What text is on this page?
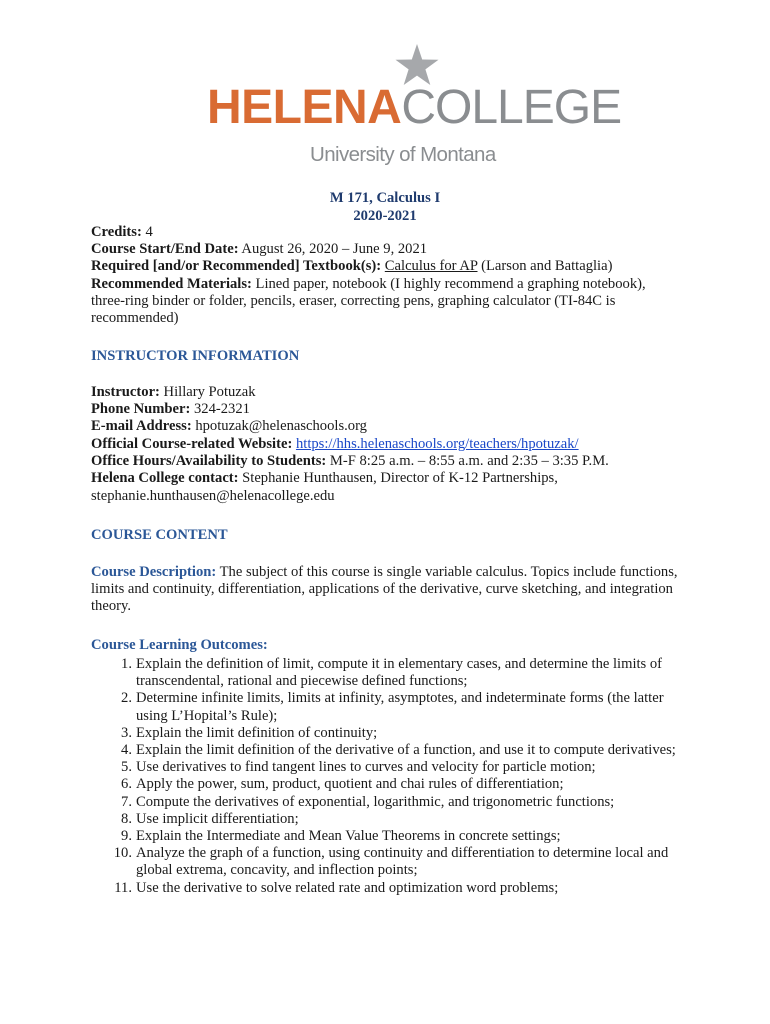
HELENACOLLEGE
University of Montana
M 171, Calculus I
2020-2021
Credits: 4
Course Start/End Date: August 26, 2020 – June 9, 2021
Required [and/or Recommended] Textbook(s): Calculus for AP (Larson and Battaglia)
Recommended Materials: Lined paper, notebook (I highly recommend a graphing notebook), three-ring binder or folder, pencils, eraser, correcting pens, graphing calculator (TI-84C is recommended)
INSTRUCTOR INFORMATION
Instructor: Hillary Potuzak
Phone Number: 324-2321
E-mail Address: hpotuzak@helenaschools.org
Official Course-related Website: https://hhs.helenaschools.org/teachers/hpotuzak/
Office Hours/Availability to Students: M-F 8:25 a.m. – 8:55 a.m. and 2:35 – 3:35 P.M.
Helena College contact: Stephanie Hunthausen, Director of K-12 Partnerships,
stephanie.hunthausen@helenacollege.edu
COURSE CONTENT
Course Description: The subject of this course is single variable calculus. Topics include functions, limits and continuity, differentiation, applications of the derivative, curve sketching, and integration theory.
Course Learning Outcomes:
1. Explain the definition of limit, compute it in elementary cases, and determine the limits of transcendental, rational and piecewise defined functions;
2. Determine infinite limits, limits at infinity, asymptotes, and indeterminate forms (the latter using L’Hopital’s Rule);
3. Explain the limit definition of continuity;
4. Explain the limit definition of the derivative of a function, and use it to compute derivatives;
5. Use derivatives to find tangent lines to curves and velocity for particle motion;
6. Apply the power, sum, product, quotient and chai rules of differentiation;
7. Compute the derivatives of exponential, logarithmic, and trigonometric functions;
8. Use implicit differentiation;
9. Explain the Intermediate and Mean Value Theorems in concrete settings;
10. Analyze the graph of a function, using continuity and differentiation to determine local and global extrema, concavity, and inflection points;
11. Use the derivative to solve related rate and optimization word problems;
